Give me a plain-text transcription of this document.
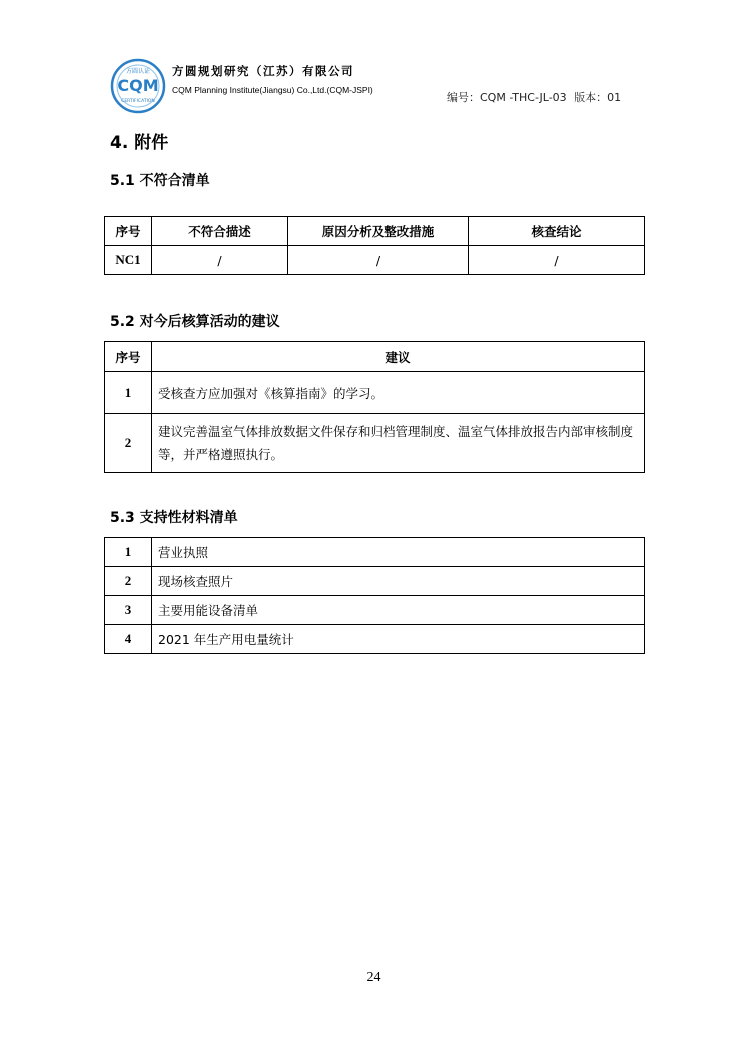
方圆认证
CQM
CERTIFICATION
方圆规划研究（江苏）有限公司
CQM Planning Institute(Jiangsu) Co.,Ltd.(CQM-JSPI)
编号：CQM -THC-JL-03 版本：01
4. 附件
5.1 不符合清单
序号	不符合描述	原因分析及整改措施	核查结论
NC1	/	/	/
5.2 对今后核算活动的建议
序号	建议
1	受核查方应加强对《核算指南》的学习。
2	建议完善温室气体排放数据文件保存和归档管理制度、温室气体排放报告内部审核制度等，并严格遵照执行。
5.3 支持性材料清单
1	营业执照
2	现场核查照片
3	主要用能设备清单
4	2021 年生产用电量统计
24
